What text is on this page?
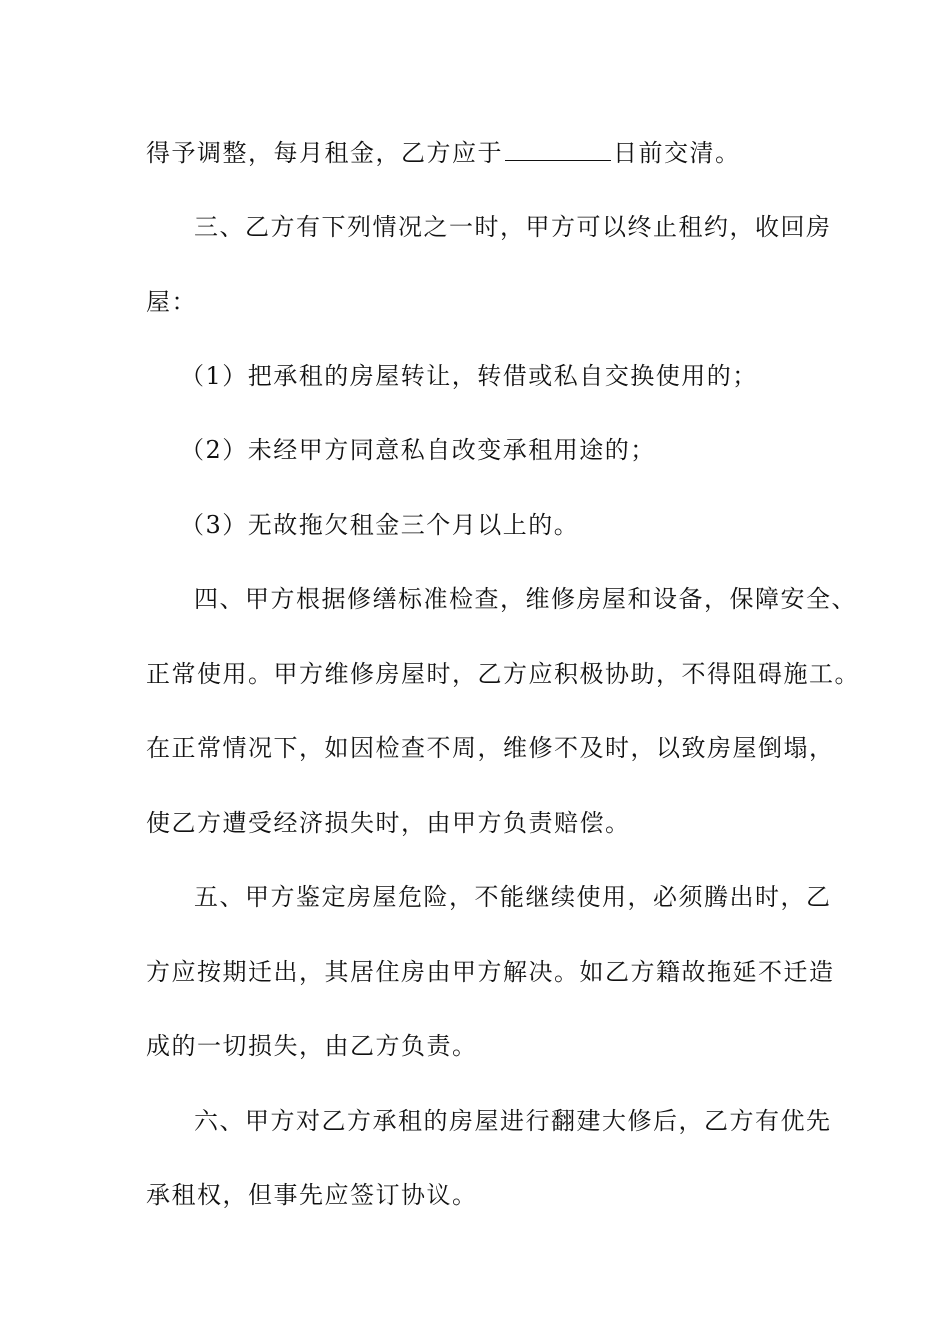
得予调整，每月租金，乙方应于	日前交清。
三、乙方有下列情况之一时，甲方可以终止租约，收回房
屋：
（1）把承租的房屋转让，转借或私自交换使用的；
（2）未经甲方同意私自改变承租用途的；
（3）无故拖欠租金三个月以上的。
四、甲方根据修缮标准检查，维修房屋和设备，保障安全、
正常使用。甲方维修房屋时，乙方应积极协助，不得阻碍施工。
在正常情况下，如因检查不周，维修不及时，以致房屋倒塌，
使乙方遭受经济损失时，由甲方负责赔偿。
五、甲方鉴定房屋危险，不能继续使用，必须腾出时，乙
方应按期迁出，其居住房由甲方解决。如乙方籍故拖延不迁造
成的一切损失，由乙方负责。
六、甲方对乙方承租的房屋进行翻建大修后，乙方有优先
承租权，但事先应签订协议。
